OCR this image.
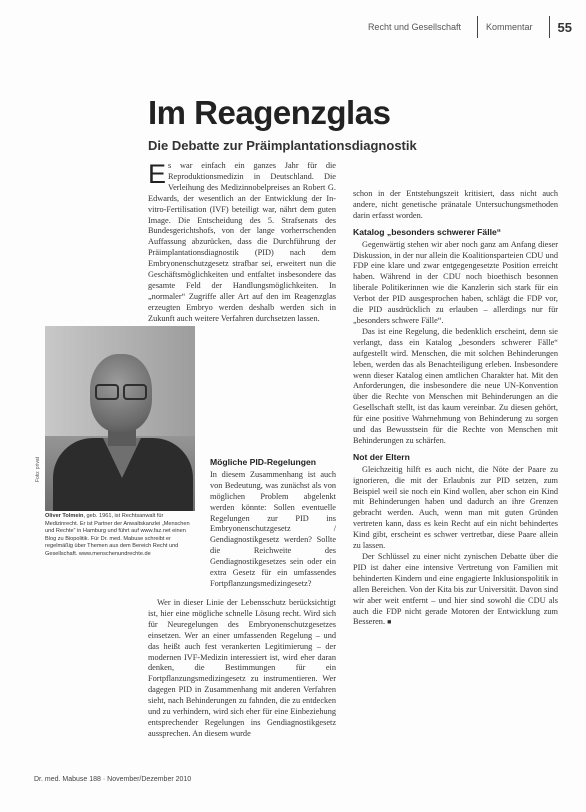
Recht und Gesellschaft	Kommentar	55
Im Reagenzglas
Die Debatte zur Präimplantationsdiagnostik
Foto: privat
Oliver Tolmein, geb. 1961, ist Rechtsanwalt für Medizinrecht. Er ist Partner der Anwaltskanzlei „Menschen und Rechte“ in Hamburg und führt auf www.faz.net einen Blog zu Biopolitik. Für Dr. med. Mabuse schreibt er regelmäßig über Themen aus dem Bereich Recht und Gesellschaft. www.menschenundrechte.de

Es war einfach ein ganzes Jahr für die Reproduktionsmedizin in Deutschland. Die Verleihung des Medizinnobelpreises an Robert G. Edwards, der wesentlich an der Entwicklung der In-vitro-Fertilisation (IVF) beteiligt war, nährt dem guten Image. Die Entscheidung des 5. Strafsenats des Bundesgerichtshofs, von der lange vorherrschenden Auffassung abzurücken, dass die Durchführung der Präimplantationsdiagnostik (PID) nach dem Embryonenschutzgesetz strafbar sei, erweitert nun die Geschäftsmöglichkeiten und entfaltet insbesondere das gesamte Feld der Handlungsmöglichkeiten. In „normaler“ Zugriffe aller Art auf den im Reagenzglas erzeugten Embryo werden deshalb werden sich in Zukunft auch weitere Verfahren durchsetzen lassen.

Mögliche PID-Regelungen

In diesem Zusammenhang ist auch von Bedeutung, was zunächst als von möglichen Problem abgelenkt werden könnte: Sollen eventuelle Regelungen zur PID ins Embryonenschutzgesetz / Gendiagnostikgesetz werden? Sollte die Reichweite des Gendiagnostikgesetzes sein oder ein extra Gesetz für ein umfassendes Fortpflanzungsmedizingesetz?

Wer in dieser Linie der Lebensschutz berücksichtigt ist, hier eine mögliche schnelle Lösung recht. Wird sich für Neuregelungen des Embryonenschutzgesetzes einsetzen. Wer an einer umfassenden Regelung – und das heißt auch fest verankerten Legitimierung – der modernen IVF-Medizin interessiert ist, wird eher daran denken, die Bestimmungen für ein Fortpflanzungsmedizingesetz zu instrumentieren. Wer dagegen PID in Zusammenhang mit anderen Verfahren sieht, nach Behinderungen zu fahnden, die zu entdecken und zu verhindern, wird sich eher für eine Einbeziehung entsprechender Regelungen ins Gendiagnostikgesetz aussprechen. An diesem wurde

schon in der Entstehungszeit kritisiert, dass nicht auch andere, nicht genetische pränatale Untersuchungsmethoden darin erfasst worden.

Katalog „besonders schwerer Fälle“

Gegenwärtig stehen wir aber noch ganz am Anfang dieser Diskussion, in der nur allein die Koalitionsparteien CDU und FDP eine klare und zwar entgegengesetzte Position erreicht haben. Während in der CDU noch bioethisch besonnen liberale Politikerinnen wie die Kanzlerin sich stark für ein Verbot der PID ausgesprochen haben, schlägt die FDP vor, die PID ausdrücklich zu erlauben – allerdings nur für „besonders schwere Fälle“.

Das ist eine Regelung, die bedenklich erscheint, denn sie verlangt, dass ein Katalog „besonders schwerer Fälle“ aufgestellt wird. Menschen, die mit solchen Behinderungen leben, werden das als Benachteiligung erleben. Insbesondere wenn dieser Katalog einen amtlichen Charakter hat. Mit den Anforderungen, die insbesondere die neue UN-Konvention über die Rechte von Menschen mit Behinderungen an die Gesellschaft stellt, ist das kaum vereinbar. Zu diesen gehört, für eine positive Wahrnehmung von Behinderung zu sorgen und das Bewusstsein für die Rechte von Menschen mit Behinderungen zu schärfen.

Not der Eltern

Gleichzeitig hilft es auch nicht, die Nöte der Paare zu ignorieren, die mit der Erlaubnis zur PID setzen, zum Beispiel weil sie noch ein Kind wollen, aber schon ein Kind mit Behinderungen haben und dadurch an ihre Grenzen gebracht werden. Auch, wenn man mit guten Gründen vertreten kann, dass es kein Recht auf ein nicht behindertes Kind gibt, erscheint es schwer vertretbar, diese Paare allein zu lassen.

Der Schlüssel zu einer nicht zynischen Debatte über die PID ist daher eine intensive Vertretung von Familien mit behinderten Kindern und eine engagierte Inklusionspolitik in allen Bereichen. Von der Kita bis zur Universität. Davon sind wir aber weit entfernt – und hier sind sowohl die CDU als auch die FDP nicht gerade Motoren der Entwicklung zum Besseren. ■

Dr. med. Mabuse 188 · November/Dezember 2010
